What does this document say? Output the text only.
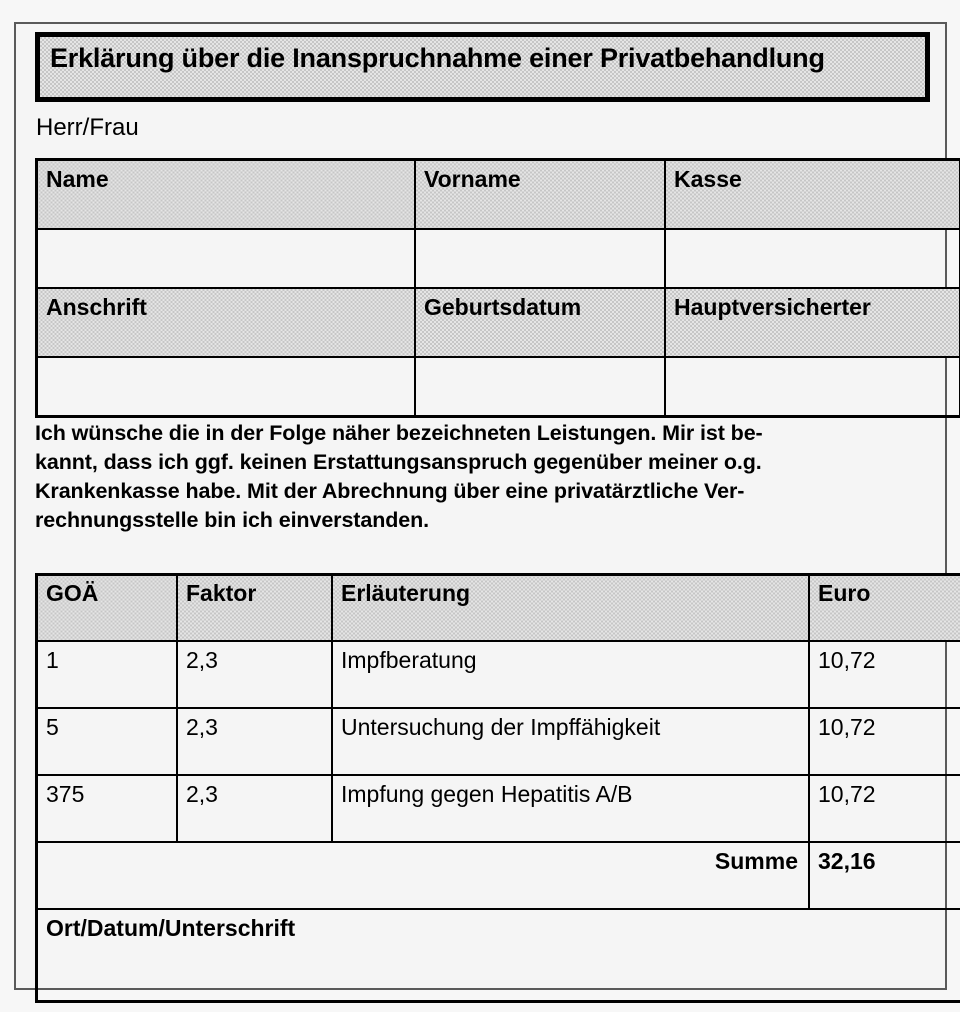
Erklärung über die Inanspruchnahme einer Privatbehandlung
Herr/Frau
Name	Vorname	Kasse

Anschrift	Geburtsdatum	Hauptversicherter

Ich wünsche die in der Folge näher bezeichneten Leistungen. Mir ist be-
kannt, dass ich ggf. keinen Erstattungsanspruch gegenüber meiner o.g.
Krankenkasse habe. Mit der Abrechnung über eine privatärztliche Ver-
rechnungsstelle bin ich einverstanden.
GOÄ	Faktor	Erläuterung	Euro
1	2,3	Impfberatung	10,72
5	2,3	Untersuchung der Impffähigkeit	10,72
375	2,3	Impfung gegen Hepatitis A/B	10,72
Summe			32,16
Ort/Datum/Unterschrift			
